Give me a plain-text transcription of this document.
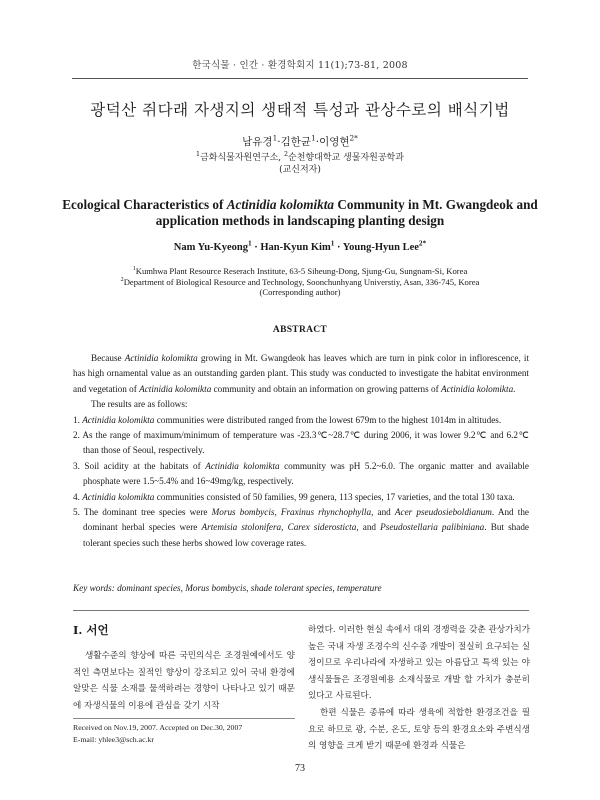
한국식물 · 인간 · 환경학회지 11(1);73-81, 2008
광덕산 쥐다래 자생지의 생태적 특성과 관상수로의 배식기법
남유경$^1$·김한균$^1$·이영현$^{2*}$
$^1$금화식물자원연구소, $^2$순천향대학교 생물자원공학과
(교신저자)
Ecological Characteristics of Actinidia kolomikta Community in Mt. Gwangdeok and application methods in landscaping planting design
Nam Yu-Kyeong$^1$ · Han-Kyun Kim$^1$ · Young-Hyun Lee$^{2*}$
$^1$Kumhwa Plant Resource Reserach Institute, 63-5 Siheung-Dong, Sjung-Gu, Sungnam-Si, Korea
$^2$Department of Biological Resource and Technology, Soonchunhyang Universtiy, Asan, 336-745, Korea
(Corresponding author)
ABSTRACT

Because Actinidia kolomikta growing in Mt. Gwangdeok has leaves which are turn in pink color in inflorescence, it has high ornamental value as an outstanding garden plant. This study was conducted to investigate the habitat environment and vegetation of Actinidia kolomikta community and obtain an information on growing patterns of Actinidia kolomikta.

The results are as follows:

1. Actinidia kolomikta communities were distributed ranged from the lowest 679m to the highest 1014m in altitudes.
2. As the range of maximum/minimum of temperature was -23.3℃~28.7℃ during 2006, it was lower 9.2℃ and 6.2℃ than those of Seoul, respectively.
3. Soil acidity at the habitats of Actinidia kolomikta community was pH 5.2~6.0. The organic matter and available phosphate were 1.5~5.4% and 16~49mg/kg, respectively.
4. Actinidia kolomikta communities consisted of 50 families, 99 genera, 113 species, 17 varieties, and the total 130 taxa.
5. The dominant tree species were Morus bombycis, Fraxinus rhynchophylla, and Acer pseudosieboldianum. And the dominant herbal species were Artemisia stolonifera, Carex siderosticta, and Pseudostellaria palibiniana. But shade tolerant species such these herbs showed low coverage rates.
Key words: dominant species, Morus bombycis, shade tolerant species, temperature
I. 서언

생활수준의 향상에 따른 국민의식은 조경원예에서도 양적인 측면보다는 질적인 향상이 강조되고 있어 국내 환경에 알맞은 식물 소재를 물색하려는 경향이 나타나고 있기 때문에 자생식물의 이용에 관심을 갖기 시작

하였다. 이러한 현실 속에서 대외 경쟁력을 갖춘 관상가치가 높은 국내 자생 조경수의 신수종 개발이 절실히 요구되는 실정이므로 우리나라에 자생하고 있는 아름답고 특색 있는 야생식물들은 조경원예용 소재식물로 개발 할 가치가 충분히 있다고 사료된다.

한편 식물은 종류에 따라 생육에 적합한 환경조건을 필요로 하므로 광, 수분, 온도, 토양 등의 환경요소와 주변식생의 영향을 크게 받기 때문에 환경과 식물은

Received on Nov.19, 2007. Accepted on Dec.30, 2007
E-mail: yhlee3@sch.ac.kr
73
